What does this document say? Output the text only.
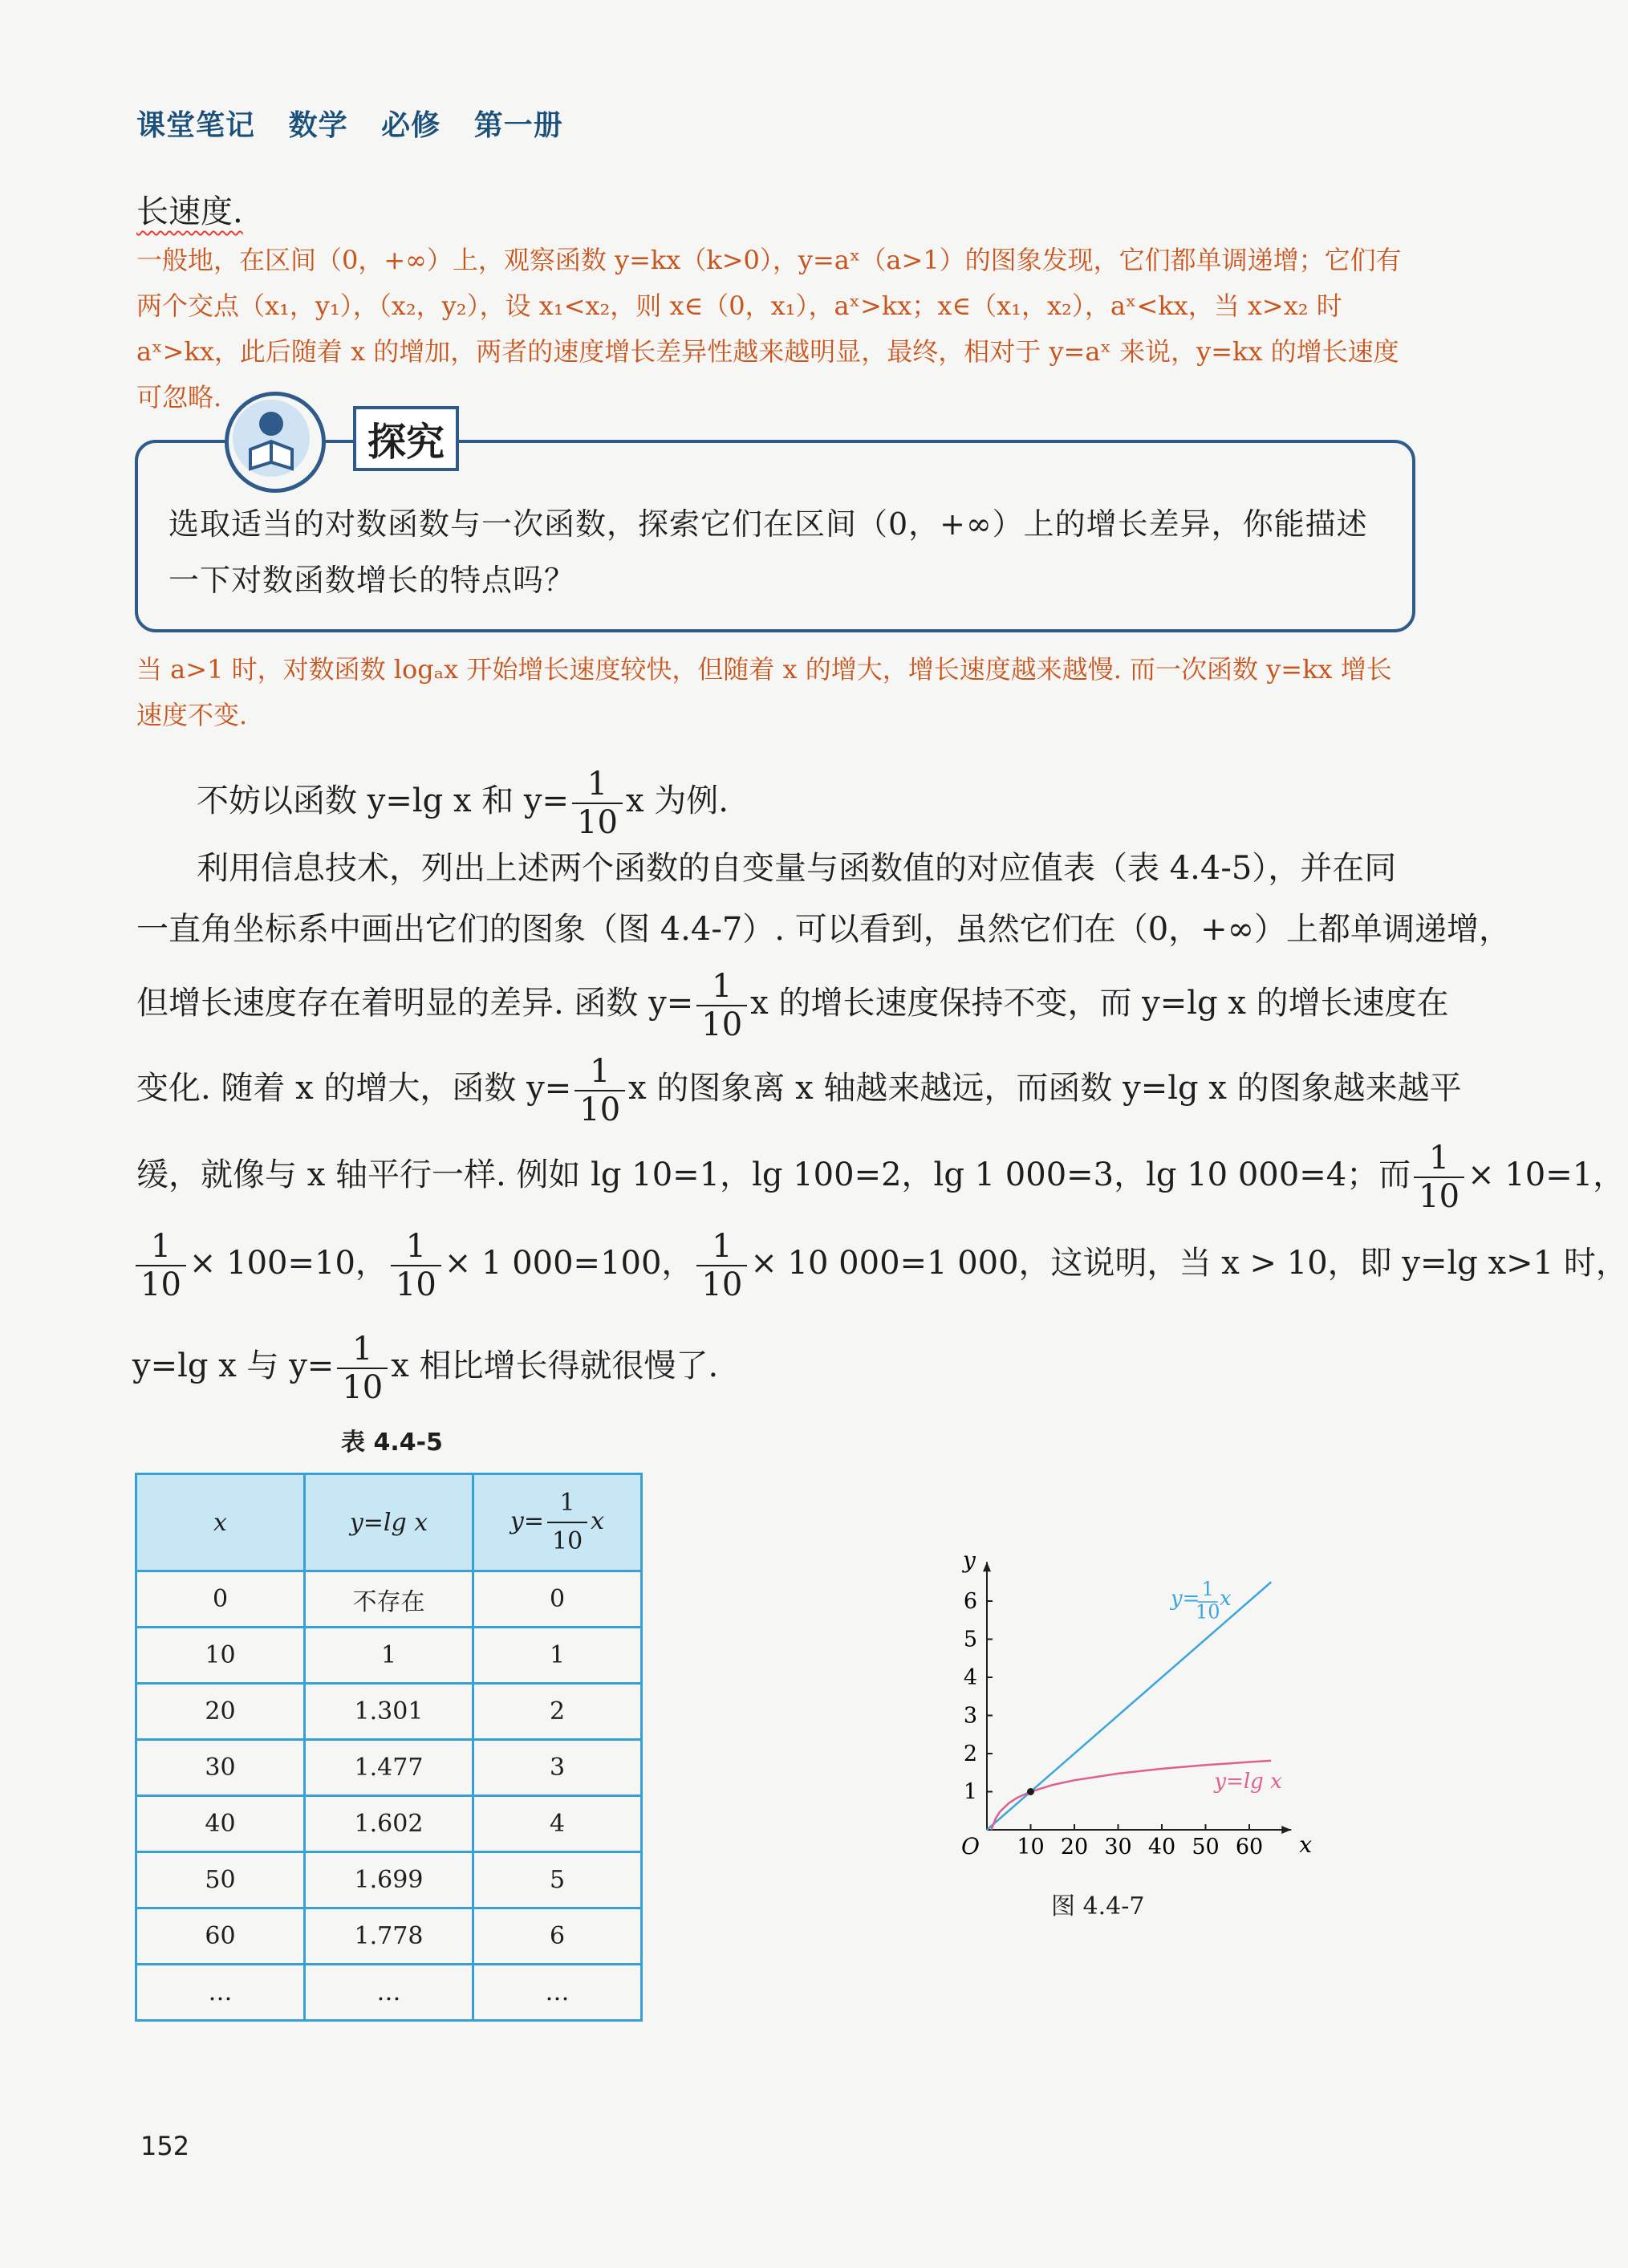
课堂笔记 数学 必修 第一册
长速度.
一般地，在区间（0，+∞）上，观察函数 y=kx（k>0），y=aˣ（a>1）的图象发现，它们都单调递增；它们有两个交点（x₁，y₁），（x₂，y₂），设 x₁<x₂，则 x∈（0，x₁），aˣ>kx；x∈（x₁，x₂），aˣ<kx，当 x>x₂ 时 aˣ>kx，此后随着 x 的增加，两者的速度增长差异性越来越明显，最终，相对于 y=aˣ 来说，y=kx 的增长速度可忽略.
探究
选取适当的对数函数与一次函数，探索它们在区间（0，+∞）上的增长差异，你能描述一下对数函数增长的特点吗？
当 a>1 时，对数函数 logₐx 开始增长速度较快，但随着 x 的增大，增长速度越来越慢. 而一次函数 y=kx 增长速度不变.
不妨以函数 y=lg x 和 $y= \frac{1}{10}$ x 为例.
利用信息技术，列出上述两个函数的自变量与函数值的对应值表（表 4.4-5），并在同
一直角坐标系中画出它们的图象（图 4.4-7）. 可以看到，虽然它们在（0，+∞）上都单调递增，
但增长速度存在着明显的差异. 函数 $y= \frac{1}{10}$ x 的增长速度保持不变，而 y=lg x 的增长速度在
变化. 随着 x 的增大，函数 $y= \frac{1}{10}$ x 的图象离 x 轴越来越远，而函数 y=lg x 的图象越来越平
缓，就像与 x 轴平行一样. 例如 lg 10=1，lg 100=2，lg 1 000=3，lg 10 000=4；而 $\frac{1}{10} \times 10=1$，
$\frac{1}{10} \times 100=10$， $\frac{1}{10} \times 1$ 000=100， $\frac{1}{10} \times 10$ 000=1 000，这说明，当 x > 10，即 y=lg x>1 时，
y=lg x 与 $y= \frac{1}{10}$ x 相比增长得就很慢了.
表 4.4-5
x	y=lg x	$y= \frac{1}{10}$ x
0	不存在	0
10	1	1
20	1.301	2
30	1.477	3
40	1.602	4
50	1.699	5
60	1.778	6
…	…	…
x
y
O 10 20 30 40 50 60
1
2
3
4
5
6	y= 1
10
x
y=lg x
图 4.4-7
152
